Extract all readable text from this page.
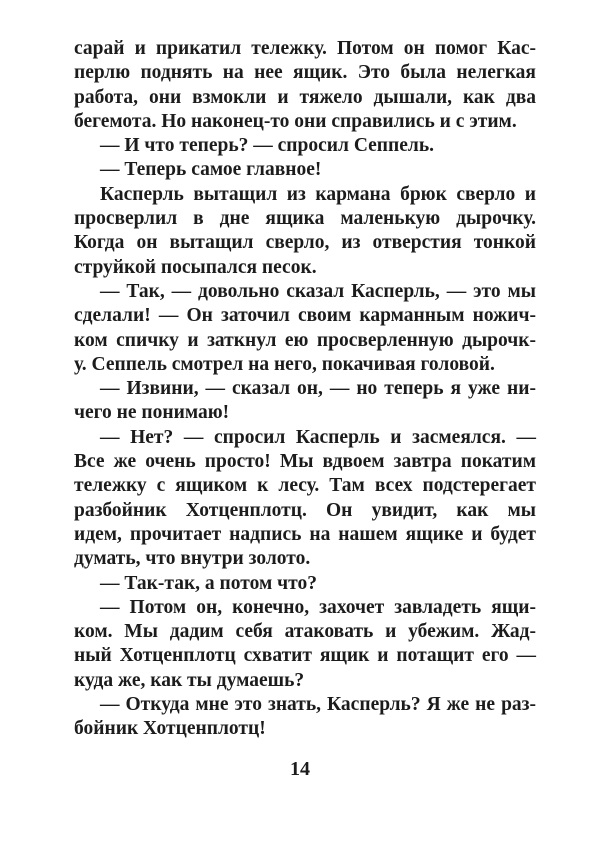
сарай и прикатил тележку. Потом он помог Кас-
перлю поднять на нее ящик. Это была нелегкая
работа, они взмокли и тяжело дышали, как два
бегемота. Но наконец-то они справились и с этим.
— И что теперь? — спросил Сеппель.
— Теперь самое главное!
Касперль вытащил из кармана брюк сверло и
просверлил в дне ящика маленькую дырочку.
Когда он вытащил сверло, из отверстия тонкой
струйкой посыпался песок.
— Так, — довольно сказал Касперль, — это мы
сделали! — Он заточил своим карманным ножич-
ком спичку и заткнул ею просверленную дырочк-
у. Сеппель смотрел на него, покачивая головой.
— Извини, — сказал он, — но теперь я уже ни-
чего не понимаю!
— Нет? — спросил Касперль и засмеялся. —
Все же очень просто! Мы вдвоем завтра покатим
тележку с ящиком к лесу. Там всех подстерегает
разбойник Хотценплотц. Он увидит, как мы
идем, прочитает надпись на нашем ящике и будет
думать, что внутри золото.
— Так-так, а потом что?
— Потом он, конечно, захочет завладеть ящи-
ком. Мы дадим себя атаковать и убежим. Жад-
ный Хотценплотц схватит ящик и потащит его —
куда же, как ты думаешь?
— Откуда мне это знать, Касперль? Я же не раз-
бойник Хотценплотц!
14
